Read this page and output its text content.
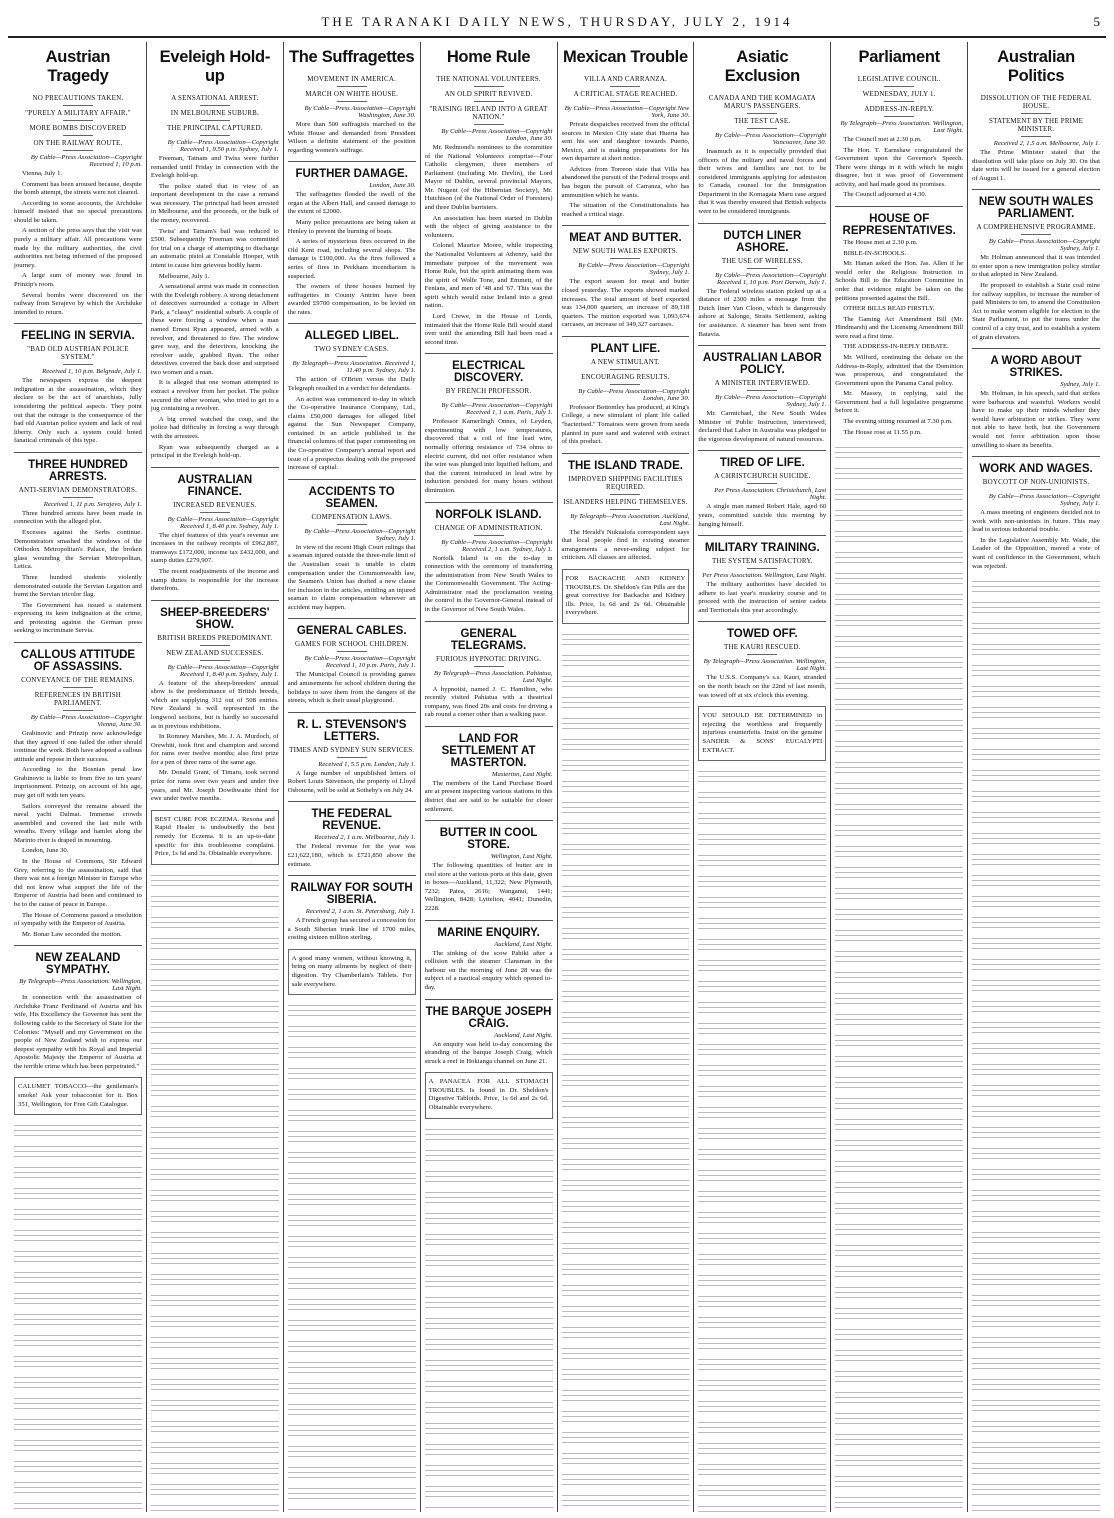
THE TARANAKI DAILY NEWS, THURSDAY, JULY 2, 1914	5
Austrian Tragedy
NO PRECAUTIONS TAKEN.
"PURELY A MILITARY AFFAIR."
MORE BOMBS DISCOVERED
ON THE RAILWAY ROUTE.
By Cable—Press Association—Copyright Received 1, 10 p.m.

Vienna, July 1.

Comment has been aroused because, despite the bomb attempt, the streets were not cleared.

According to some accounts, the Archduke himself insisted that no special precautions should be taken.

A section of the press says that the visit was purely a military affair. All precautions were made by the military authorities, the civil authorities not being informed of the proposed journey.

A large sum of money was found in Prinzip's room.

Several bombs were discovered on the railway from Serajevo by which the Archduke intended to return.

FEELING IN SERVIA.
"BAD OLD AUSTRIAN POLICE SYSTEM."
Received 1, 10 p.m. Belgrade, July 1.

The newspapers express the deepest indignation at the assassination, which they declare to be the act of anarchists, fully considering the political aspects. They point out that the outrage is the consequence of the bad old Austrian police system and lack of real liberty. Only such a system could breed fanatical criminals of this type.

THREE HUNDRED ARRESTS.
ANTI-SERVIAN DEMONSTRATORS.
Received 1, 11 p.m. Serajevo, July 1.

Three hundred arrests have been made in connection with the alleged plot.

Excesses against the Serbs continue. Demonstrators smashed the windows of the Orthodox Metropolitan's Palace, the broken glass wounding the Servian Metropolitan, Letica.

Three hundred students violently demonstrated outside the Servian Legation and burnt the Servian tricolor flag.

The Government has issued a statement expressing its keen indignation at the crime, and protesting against the German press seeking to incriminate Servia.

CALLOUS ATTITUDE OF ASSASSINS.
CONVEYANCE OF THE REMAINS.
REFERENCES IN BRITISH PARLIAMENT.
By Cable—Press Association—Copyright Vienna, June 30.

Grabinovic and Prinzip now acknowledge that they agreed if one failed the other should continue the work. Both have adopted a callous attitude and repose in their success.

According to the Bosnian penal law Grabinovic is liable to from five to ten years' imprisonment. Prinzip, on account of his age, may get off with ten years.

Sailors conveyed the remains aboard the naval yacht Dalmat. Immense crowds assembled and covered the last mile with wreaths. Every village and hamlet along the Marinto river is draped in mourning.

London, June 30.

In the House of Commons, Sir Edward Grey, referring to the assassination, said that there was not a foreign Minister in Europe who did not know what support the life of the Emperor of Austria had been and continued to be to the cause of peace in Europe.

The House of Commons passed a resolution of sympathy with the Emperor of Austria.

Mr. Bonar Law seconded the motion.

NEW ZEALAND SYMPATHY.
By Telegraph—Press Association. Wellington, Last Night.

In connection with the assassination of Archduke Franz Ferdinand of Austria and his wife, His Excellency the Governor has sent the following cable to the Secretary of State for the Colonies: "Myself and my Government on the people of New Zealand wish to express our deepest sympathy with his Royal and Imperial Apostolic Majesty the Emperor of Austria at the terrible crime which has been perpetrated."

CALUMET TOBACCO—the gentleman's smoke! Ask your tobacconist for it. Box 351, Wellington, for Free Gift Catalogue.

Eveleigh Hold-up
A SENSATIONAL ARREST.
IN MELBOURNE SUBURB.
THE PRINCIPAL CAPTURED.
By Cable—Press Association—Copyright Received 1, 9.50 p.m. Sydney, July 1.

Freeman, Tatnam and Twiss were further remanded until Friday in connection with the Eveleigh hold-up.

The police stated that in view of an important development in the case a remand was necessary. The principal had been arrested in Melbourne, and the proceeds, or the bulk of the money, recovered.

Twiss' and Tatnam's bail was reduced to £500. Subsequently Freeman was committed for trial on a charge of attempting to discharge an automatic pistol at Constable Hooper, with intent to cause him grievous bodily harm.

Melbourne, July 1.

A sensational arrest was made in connection with the Eveleigh robbery. A strong detachment of detectives surrounded a cottage in Albert Park, a "classy" residential suburb. A couple of these were forcing a window when a man named Ernest Ryan appeared, armed with a revolver, and threatened to fire. The window gave way, and the detectives, knocking the revolver aside, grabbed Ryan. The other detectives covered the back door and surprised two women and a man.

It is alleged that one woman attempted to extract a revolver from her pocket. The police secured the other woman, who tried to get to a jug containing a revolver.

A big crowd watched the coup, and the police had difficulty in forcing a way through with the arrestees.

Ryan was subsequently charged as a principal in the Eveleigh hold-up.

AUSTRALIAN FINANCE.
INCREASED REVENUES.
By Cable—Press Association—Copyright Received 1, 8.40 p.m. Sydney, July 1.

The chief features of this year's revenue are increases in the railway receipts of £962,887, tramways £172,000, income tax £432,000, and stamp duties £279,907.

The recent readjustments of the income and stamp duties is responsible for the increase therefrom.

SHEEP-BREEDERS' SHOW.
BRITISH BREEDS PREDOMINANT.
NEW ZEALAND SUCCESSES.
By Cable—Press Association—Copyright Received 1, 8.40 p.m. Sydney, July 1.

A feature of the sheep-breeders' annual show is the predominance of British breeds, which are supplying 312 out of 508 entries. New Zealand is well represented in the longwool sections, but is hardly so successful as in previous exhibitions.

In Romney Marshes, Mr. J. A. Murdoch, of Orewhiti, took first and champion and second for rams over twelve months; also first prize for a pen of three rams of the same age.

Mr. Donald Grant, of Timaru, took second prize for rams over two years and under five years, and Mr. Joseph Dowthwaite third for ewe under twelve months.

BEST CURE FOR ECZEMA. Rexona and Rapid Healer is undoubtedly the best remedy for Eczema. It is an up-to-date specific for this troublesome complaint. Price, 1s 6d and 3s. Obtainable everywhere.

The Suffragettes
MOVEMENT IN AMERICA.
MARCH ON WHITE HOUSE.
By Cable—Press Association—Copyright Washington, June 30.

More than 500 suffragists marched to the White House and demanded from President Wilson a definite statement of the position regarding women's suffrage.

FURTHER DAMAGE.
London, June 30.

The suffragettes flooded the swell of the organ at the Albert Hall, and caused damage to the extent of £2000.

Many police precautions are being taken at Henley to prevent the burning of boats.

A series of mysterious fires occurred in the Old Kent road, including several shops. The damage is £100,000. As the fires followed a series of fires in Peckham incendiarism is suspected.

The owners of three houses burned by suffragettes in County Antrim have been awarded £9700 compensation, to be levied on the rates.

ALLEGED LIBEL.
TWO SYDNEY CASES.
By Telegraph—Press Association. Received 1, 11.40 p.m. Sydney, July 1.

The action of O'Brien versus the Daily Telegraph resulted in a verdict for defendants.

An action was commenced to-day in which the Co-operative Insurance Company, Ltd., claims £50,000 damages for alleged libel against the Sun Newspaper Company, contained in an article published in the financial columns of that paper commenting on the Co-operative Company's annual report and issue of a prospectus dealing with the proposed increase of capital.

ACCIDENTS TO SEAMEN.
COMPENSATION LAWS.
By Cable—Press Association—Copyright Sydney, July 1.

In view of the recent High Court rulings that a seaman injured outside the three-mile limit of the Australian coast is unable to claim compensation under the Commonwealth law, the Seamen's Union has drafted a new clause for inclusion in the articles, entitling an injured seaman to claim compensation wherever an accident may happen.

GENERAL CABLES.
GAMES FOR SCHOOL CHILDREN.
By Cable—Press Association—Copyright Received 1, 10 p.m. Paris, July 1.

The Municipal Council is providing games and amusements for school children during the holidays to save them from the dangers of the streets, which is their usual playground.

R. L. STEVENSON'S LETTERS.
TIMES AND SYDNEY SUN SERVICES.
Received 1, 5.5 p.m. London, July 1.

A large number of unpublished letters of Robert Louis Stevenson, the property of Lloyd Osbourne, will be sold at Sotheby's on July 24.

THE FEDERAL REVENUE.
Received 2, 1 a.m. Melbourne, July 1.

The Federal revenue for the year was £21,622,180, which is £721,850 above the estimate.

RAILWAY FOR SOUTH SIBERIA.
Received 2, 1 a.m. St. Petersburg, July 1.

A French group has secured a concession for a South Siberian trunk line of 1700 miles, costing sixteen million sterling.

A good many women, without knowing it, bring on many ailments by neglect of their digestion. Try Chamberlain's Tablets. For sale everywhere.

Home Rule
THE NATIONAL VOLUNTEERS.
AN OLD SPIRIT REVIVED.
"RAISING IRELAND INTO A GREAT NATION."
By Cable—Press Association—Copyright London, June 30.

Mr. Redmond's nominees to the committee of the National Volunteers comprise—Four Catholic clergymen, three members of Parliament (including Mr. Devlin), the Lord Mayor of Dublin, several provincial Mayors, Mr. Nugent (of the Hibernian Society), Mr. Hutchison (of the National Order of Foresters) and three Dublin barristers.

An association has been started in Dublin with the object of giving assistance to the volunteers.

Colonel Maurice Moore, while inspecting the Nationalist Volunteers at Athenry, said the immediate purpose of the movement was Home Rule, but the spirit animating them was the spirit of Wolfe Tone, and Emmett, of the Fenians, and men of '48 and '67. This was the spirit which would raise Ireland into a great nation.

Lord Crewe, in the House of Lords, intimated that the Home Rule Bill would stand over until the amending Bill had been read a second time.

ELECTRICAL DISCOVERY.
BY FRENCH PROFESSOR.
By Cable—Press Association—Copyright Received 1, 1 a.m. Paris, July 1.

Professor Kamerlingh Onnes, of Leyden, experimenting with low temperatures, discovered that a coil of fine lead wire, normally offering resistance of 734 ohms to electric current, did not offer resistance when the wire was plunged into liquified helium, and that the current introduced in lead wire by induction persisted for many hours without diminution.

NORFOLK ISLAND.
CHANGE OF ADMINISTRATION.
By Cable—Press Association—Copyright Received 2, 1 a.m. Sydney, July 1.

Norfolk Island is on the to-day in connection with the ceremony of transferring the administration from New South Wales to the Commonwealth Government. The Acting-Administrator read the proclamation vesting the control in the Governor-General instead of in the Governor of New South Wales.

GENERAL TELEGRAMS.
FURIOUS HYPNOTIC DRIVING.
By Telegraph—Press Association. Pahiatua, Last Night.

A hypnotist, named J. C. Hamilton, who recently visited Pahiatua with a theatrical company, was fined 20s and costs for driving a cab round a corner other than a walking pace.

LAND FOR SETTLEMENT AT MASTERTON.
Masterton, Last Night.

The members of the Land Purchase Board are at present inspecting various stations in this district that are said to be suitable for closer settlement.

BUTTER IN COOL STORE.
Wellington, Last Night.

The following quantities of butter are in cool store at the various ports at this date, given in boxes—Auckland, 11,322; New Plymouth, 7232; Patea, 2616; Wanganui, 1441; Wellington, 8428; Lyttelton, 4041; Dunedin, 2228.

MARINE ENQUIRY.
Auckland, Last Night.

The sinking of the scow Pahiki after a collision with the steamer Clansman in the harbour on the morning of June 28 was the subject of a nautical enquiry which opened to-day.

THE BARQUE JOSEPH CRAIG.
Auckland, Last Night.

An enquiry was held to-day concerning the stranding of the barque Joseph Craig, which struck a reef in Hokianga channel on June 21.

A PANACEA FOR ALL STOMACH TROUBLES. Is found in Dr. Sheldon's Digestive Tabloids. Price, 1s 6d and 2s 6d. Obtainable everywhere.

Mexican Trouble
VILLA AND CARRANZA.
A CRITICAL STAGE REACHED.
By Cable—Press Association—Copyright New York, June 30.

Private despatches received from the official sources in Mexico City state that Huerta has sent his son and daughter towards Puerto, Mexico, and is making preparations for his own departure at short notice.

Advices from Torreon state that Villa has abandoned the pursuit of the Federal troops and has begun the pursuit of Carranza, who has ammunition which he wants.

The situation of the Constitutionalists has reached a critical stage.

MEAT AND BUTTER.
NEW SOUTH WALES EXPORTS.
By Cable—Press Association—Copyright Sydney, July 1.

The export season for meat and butter closed yesterday. The exports showed marked increases. The total amount of beef exported was 134,000 quarters, an increase of 89,118 quarters. The mutton exported was 1,093,674 carcases, an increase of 349,327 carcases.

PLANT LIFE.
A NEW STIMULANT.
ENCOURAGING RESULTS.
By Cable—Press Association—Copyright London, June 30.

Professor Bottomley has produced, at King's College, a new stimulant of plant life called "bacterised." Tomatoes were grown from seeds planted in pure sand and watered with extract of this product.

THE ISLAND TRADE.
IMPROVED SHIPPING FACILITIES REQUIRED.
ISLANDERS HELPING THEMSELVES.
By Telegraph—Press Association. Auckland, Last Night.

The Herald's Nukualofa correspondent says that local people find in existing steamer arrangements a never-ending subject for criticism. All classes are affected.

FOR BACKACHE AND KIDNEY TROUBLES. Dr. Sheldon's Gin Pills are the great corrective for Backache and Kidney ills. Price, 1s 6d and 2s 6d. Obtainable everywhere.

Asiatic Exclusion
CANADA AND THE KOMAGATA MARU'S PASSENGERS.
THE TEST CASE.
By Cable—Press Association—Copyright Vancouver, June 30.

Inasmuch as it is especially provided that officers of the military and naval forces and their wives and families are not to be considered immigrants applying for admission to Canada, counsel for the Immigration Department in the Komagata Maru case argued that it was thereby ensured that British subjects were to be considered immigrants.

DUTCH LINER ASHORE.
THE USE OF WIRELESS.
By Cable—Press Association—Copyright Received 1, 10 p.m. Port Darwin, July 1.

The Federal wireless station picked up at a distance of 2300 miles a message from the Dutch liner Van Cloon, which is dangerously ashore at Salonge, Straits Settlement, asking for assistance. A steamer has been sent from Batavia.

AUSTRALIAN LABOR POLICY.
A MINISTER INTERVIEWED.
By Cable—Press Association—Copyright Sydney, July 1.

Mr. Carmichael, the New South Wales Minister of Public Instruction, interviewed, declared that Labor in Australia was pledged to the vigorous development of natural resources.

TIRED OF LIFE.
A CHRISTCHURCH SUICIDE.
Per Press Association. Christchurch, Last Night.

A single man named Robert Hale, aged 60 years, committed suicide this morning by hanging himself.

MILITARY TRAINING.
THE SYSTEM SATISFACTORY.
Per Press Association. Wellington, Last Night.

The military authorities have decided to adhere to last year's musketry course and to proceed with the instruction of senior cadets and Territorials this year accordingly.

TOWED OFF.
THE KAURI RESCUED.
By Telegraph—Press Association. Wellington, Last Night.

The U.S.S. Company's s.s. Kauri, stranded on the north beach on the 22nd of last month, was towed off at six o'clock this evening.

YOU SHOULD BE DETERMINED in rejecting the worthless and frequently injurious counterfeits. Insist on the genuine SANDER & SONS' EUCALYPTI EXTRACT.

Parliament
LEGISLATIVE COUNCIL.
WEDNESDAY, JULY 1.
ADDRESS-IN-REPLY.
By Telegraph—Press Association. Wellington, Last Night.

The Council met at 2.30 p.m.

The Hon. T. Earnshaw congratulated the Government upon the Governor's Speech. There were things in it with which he might disagree, but it was proof of Government activity, and had made good its promises.

The Council adjourned at 4.30.

HOUSE OF REPRESENTATIVES.

The House met at 2.30 p.m.

BIBLE-IN-SCHOOLS.

Mr. Hanan asked the Hon. Jas. Allen if he would refer the Religious Instruction in Schools Bill to the Education Committee in order that evidence might be taken on the petitions presented against the Bill.

OTHER BILLS READ FIRSTLY.

The Gaming Act Amendment Bill (Mr. Hindmarsh) and the Licensing Amendment Bill were read a first time.

THE ADDRESS-IN-REPLY DEBATE.

Mr. Wilford, continuing the debate on the Address-in-Reply, admitted that the Dominion was prosperous, and congratulated the Government upon the Panama Canal policy.

Mr. Massey, in replying, said the Government had a full legislative programme before it.

The evening sitting resumed at 7.30 p.m.

The House rose at 11.55 p.m.

Australian Politics
DISSOLUTION OF THE FEDERAL HOUSE.
STATEMENT BY THE PRIME MINISTER.
Received 2, 1.5 a.m. Melbourne, July 1.

The Prime Minister stated that the dissolution will take place on July 30. On that date writs will be issued for a general election of August 1.

NEW SOUTH WALES PARLIAMENT.
A COMPREHENSIVE PROGRAMME.
By Cable—Press Association—Copyright Sydney, July 1.

Mr. Holman announced that it was intended to enter upon a new immigration policy similar to that adopted in New Zealand.

He proposed to establish a State coal mine for railway supplies, to increase the number of paid Ministers to ten, to amend the Constitution Act to make women eligible for election to the State Parliament, to put the trams under the control of a city trust, and to establish a system of grain elevators.

A WORD ABOUT STRIKES.
Sydney, July 1.

Mr. Holman, in his speech, said that strikes were barbarous and wasteful. Workers would have to make up their minds whether they would have arbitration or strikes. They were not able to have both, but the Government would not force arbitration upon those unwilling to share its benefits.

WORK AND WAGES.
BOYCOTT OF NON-UNIONISTS.
By Cable—Press Association—Copyright Sydney, July 1.

A mass meeting of engineers decided not to work with non-unionists in future. This may lead to serious industrial trouble.

In the Legislative Assembly Mr. Wade, the Leader of the Opposition, moved a vote of want of confidence in the Government, which was rejected.
